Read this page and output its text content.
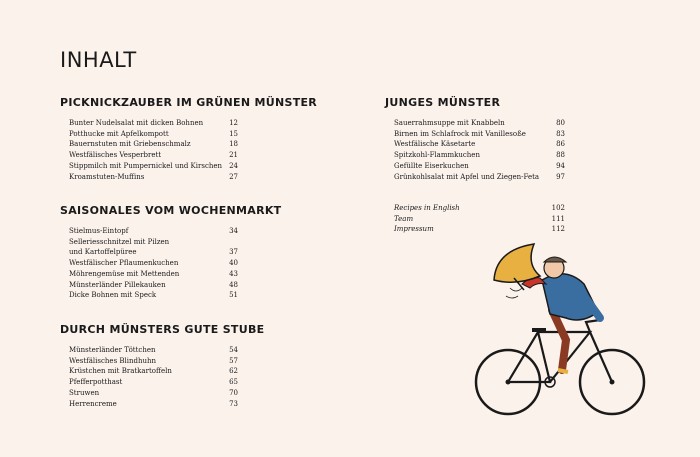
INHALT
PICKNICKZAUBER IM GRÜNEN MÜNSTER
Bunter Nudelsalat mit dicken Bohnen	12
Potthucke mit Apfelkompott	15
Bauernstuten mit Griebenschmalz	18
Westfälisches Vesperbrett	21
Stippmilch mit Pumpernickel und Kirschen	24
Kroamstuten-Muffins	27
SAISONALES VOM WOCHENMARKT
Stielmus-Eintopf	34
Selleriesschnitzel mit Pilzen und Kartoffelpüree	37
Westfälischer Pflaumenkuchen	40
Möhrengemüse mit Mettenden	43
Münsterländer Pillekauken	48
Dicke Bohnen mit Speck	51
DURCH MÜNSTERS GUTE STUBE
Münsterländer Töttchen	54
Westfälisches Blindhuhn	57
Krüstchen mit Bratkartoffeln	62
Pfefferpotthast	65
Struwen	70
Herrencreme	73
JUNGES MÜNSTER
Sauerrahmsuppe mit Knabbeln	80
Birnen im Schlafrock mit Vanillesoße	83
Westfälische Käsetarte	86
Spitzkohl-Flammkuchen	88
Gefüllte Eiserkuchen	94
Grünkohlsalat mit Apfel und Ziegen-Feta	97
Recipes in English	102
Team	111
Impressum	112
